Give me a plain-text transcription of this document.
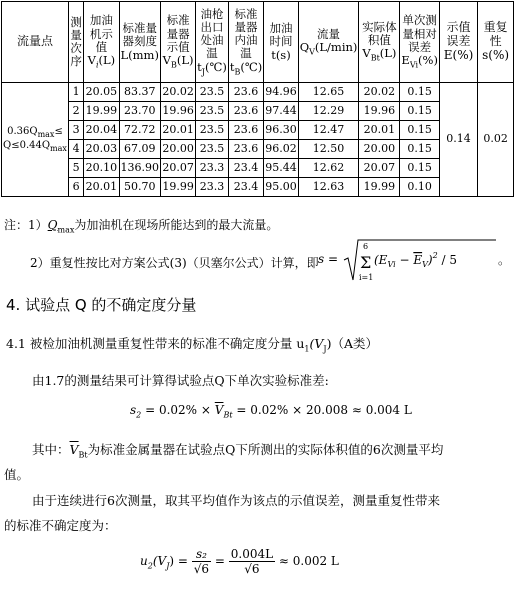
流量点	测量次序	加油机示值$V_i(L)$	标准量器刻度L(mm)	标准量器示值$V_B(L)$	油枪出口处油温$t_J(℃)$	标准量器内油温$t_B(℃)$	加油时间t(s)	流量$Q_V(L/\min)$	实际体积值$V_{Bt}(L)$	单次测量相对误差$E_{Vi}(\%)$	示值误差E(%)	重复性s(%)
$0.36Q_{max}\le$
$Q\le 0.44Q_{max}$	1	20.05	83.37	20.02	23.5	23.6	94.96	12.65	20.02	0.15	0.14	0.02
	2	19.99	23.70	19.96	23.5	23.6	97.44	12.29	19.96	0.15		
	3	20.04	72.72	20.01	23.5	23.6	96.30	12.47	20.01	0.15		
	4	20.03	67.09	20.00	23.5	23.6	96.02	12.50	20.00	0.15		
	5	20.10	136.90	20.07	23.3	23.4	95.44	12.62	20.07	0.15		
	6	20.01	50.70	19.99	23.3	23.4	95.00	12.63	19.99	0.10		
注：$1)Q_{max}$为加油机在现场所能达到的最大流量。
2）重复性按比对方案公式(3)（贝塞尔公式）计算，即 s =
6
Σ
i=1
$(E_{Vi} - E_V)^2 / 5$	。
4. 试验点 Q 的不确定度分量
4.1 被检加油机测量重复性带来的标准不确定度分量 $u_1(V_J)(A$类）
由1.7的测量结果可计算得试验点Q下单次实验标准差:
$s_2 = 0.02\% \times \overline{V}_{Bt} = 0.02\% \times 20.008 \approx 0.004$ L
其中：$\overline{V}_{Bt}$为标准金属量器在试验点Q下所测出的实际体积值的6次测量平均
值。
由于连续进行6次测量，取其平均值作为该点的示值误差，测量重复性带来
的标准不确定度为：
$u_2(V_J) = \frac{\text{s₂}}{√6} = \frac{0.004L}{√6} \approx 0.002$ L
